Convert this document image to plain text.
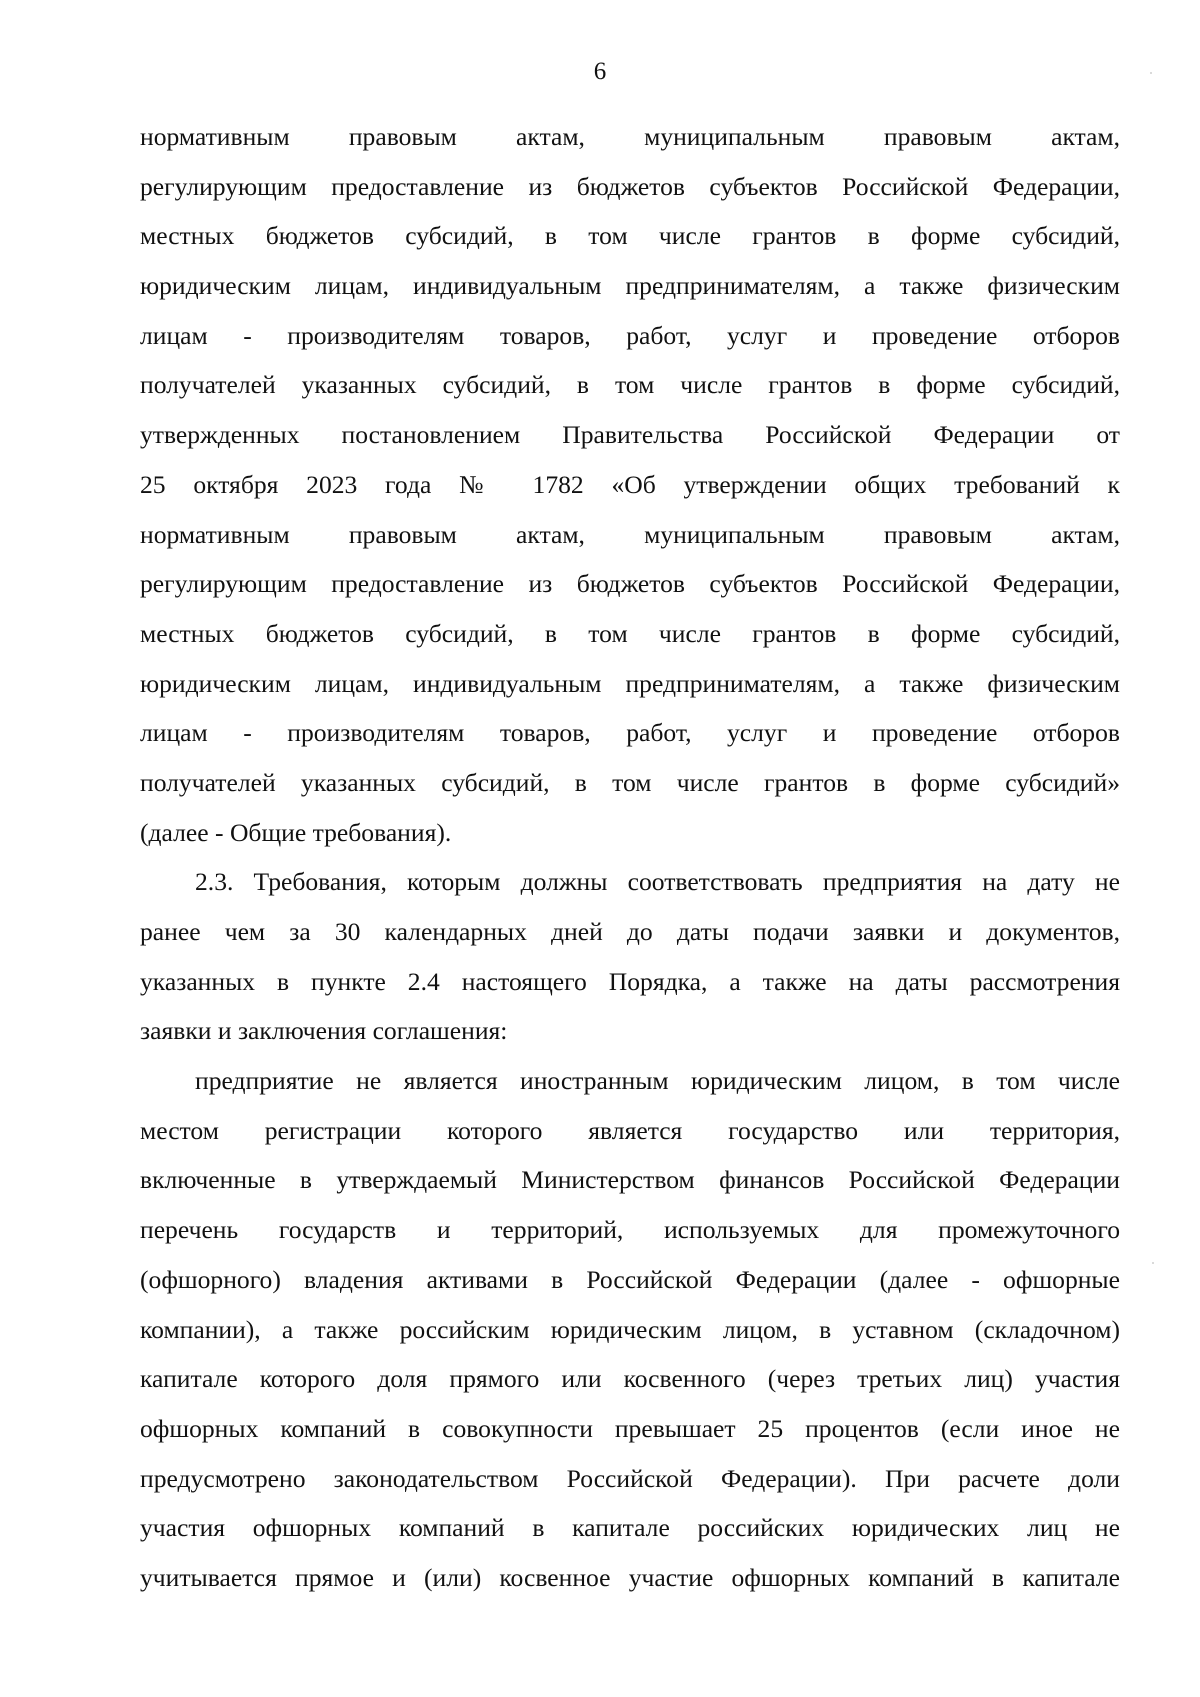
6
нормативным правовым актам, муниципальным правовым актам,
регулирующим предоставление из бюджетов субъектов Российской Федерации,
местных бюджетов субсидий, в том числе грантов в форме субсидий,
юридическим лицам, индивидуальным предпринимателям, а также физическим
лицам - производителям товаров, работ, услуг и проведение отборов
получателей указанных субсидий, в том числе грантов в форме субсидий,
утвержденных постановлением Правительства Российской Федерации от
25 октября 2023 года № 1782 «Об утверждении общих требований к
нормативным правовым актам, муниципальным правовым актам,
регулирующим предоставление из бюджетов субъектов Российской Федерации,
местных бюджетов субсидий, в том числе грантов в форме субсидий,
юридическим лицам, индивидуальным предпринимателям, а также физическим
лицам - производителям товаров, работ, услуг и проведение отборов
получателей указанных субсидий, в том числе грантов в форме субсидий»
(далее - Общие требования).
2.3. Требования, которым должны соответствовать предприятия на дату не
ранее чем за 30 календарных дней до даты подачи заявки и документов,
указанных в пункте 2.4 настоящего Порядка, а также на даты рассмотрения
заявки и заключения соглашения:
предприятие не является иностранным юридическим лицом, в том числе
местом регистрации которого является государство или территория,
включенные в утверждаемый Министерством финансов Российской Федерации
перечень государств и территорий, используемых для промежуточного
(офшорного) владения активами в Российской Федерации (далее - офшорные
компании), а также российским юридическим лицом, в уставном (складочном)
капитале которого доля прямого или косвенного (через третьих лиц) участия
офшорных компаний в совокупности превышает 25 процентов (если иное не
предусмотрено законодательством Российской Федерации). При расчете доли
участия офшорных компаний в капитале российских юридических лиц не
учитывается прямое и (или) косвенное участие офшорных компаний в капитале
